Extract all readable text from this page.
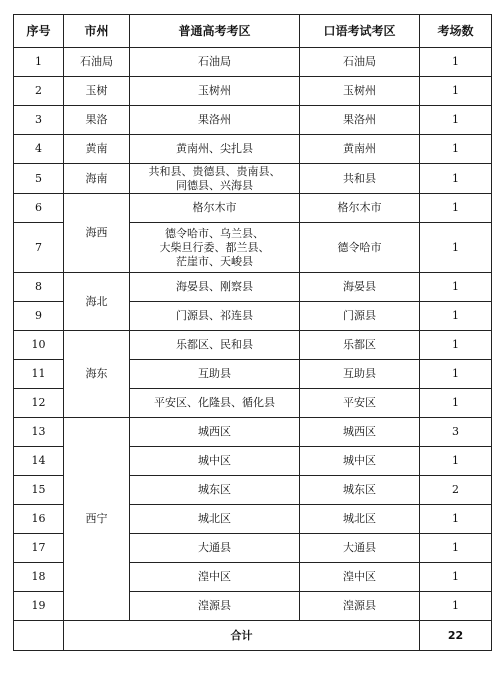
序号	市州	普通高考考区	口语考试考区	考场数
1	石油局	石油局	石油局	1
2	玉树	玉树州	玉树州	1
3	果洛	果洛州	果洛州	1
4	黄南	黄南州、尖扎县	黄南州	1
5	海南	共和县、贵德县、贵南县、
同德县、兴海县	共和县	1
6	海西	格尔木市	格尔木市	1
7		德令哈市、乌兰县、
大柴旦行委、都兰县、
茫崖市、天峻县	德令哈市	1
8	海北	海晏县、刚察县	海晏县	1
9		门源县、祁连县	门源县	1
10	海东	乐都区、民和县	乐都区	1
11		互助县	互助县	1
12		平安区、化隆县、循化县	平安区	1
13	西宁	城西区	城西区	3
14		城中区	城中区	1
15		城东区	城东区	2
16		城北区	城北区	1
17		大通县	大通县	1
18		湟中区	湟中区	1
19		湟源县	湟源县	1
	合计			22
